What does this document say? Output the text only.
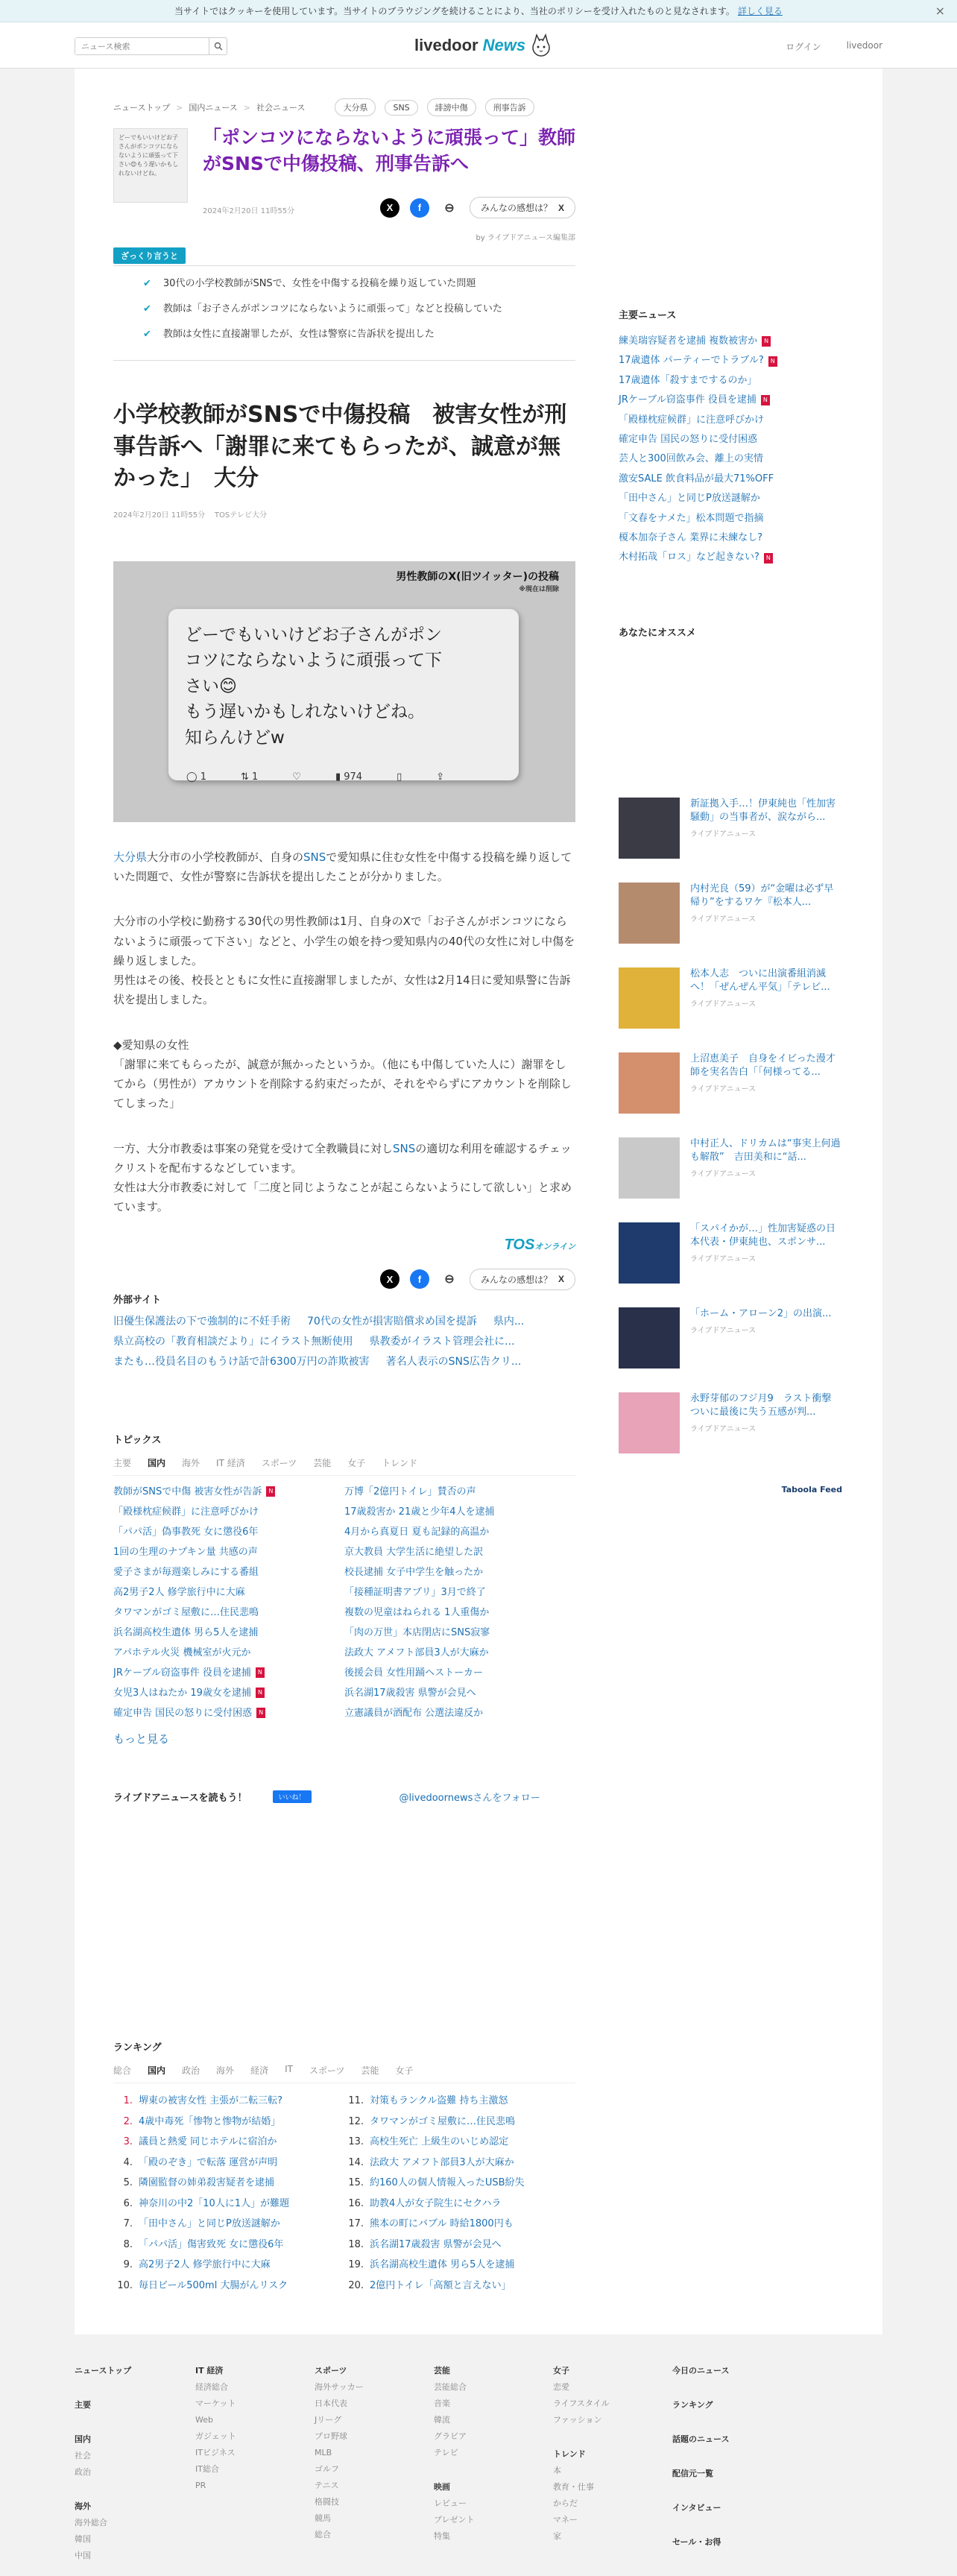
当サイトではクッキーを使用しています。当サイトのブラウジングを続けることにより、当社のポリシーを受け入れたものと見なされます。 詳しく見る	×
ニュース検索
livedoor News	ログイン	livedoor
ニューストップ > 国内ニュース > 社会ニュース	大分県	SNS	誹謗中傷	刑事告訴
どーでもいいけどお子さんがポンコツにならないように頑張って下さい😊もう遅いかもしれないけどね。
「ポンコツにならないように頑張って」教師がSNSで中傷投稿、刑事告訴へ
2024年2月20日 11時55分	X	f	⊖	みんなの感想は？ X
by ライブドアニュース編集部
ざっくり言うと
✔ 30代の小学校教師がSNSで、女性を中傷する投稿を繰り返していた問題
✔ 教師は「お子さんがポンコツにならないように頑張って」などと投稿していた
✔ 教師は女性に直接謝罪したが、女性は警察に告訴状を提出した
小学校教師がSNSで中傷投稿　被害女性が刑事告訴へ「謝罪に来てもらったが、誠意が無かった」　大分
2024年2月20日 11時55分 TOSテレビ大分
男性教師のX(旧ツイッター)の投稿
※現在は削除
どーでもいいけどお子さんがポン
コツにならないように頑張って下
さい😊
もう遅いかもしれないけどね。
知らんけどw
◯ 1	⇅ 1	♡	▮ 974	▯	⇪

大分県大分市の小学校教師が、自身のSNSで愛知県に住む女性を中傷する投稿を繰り返していた問題で、女性が警察に告訴状を提出したことが分かりました。

大分市の小学校に勤務する30代の男性教師は1月、自身のXで「お子さんがポンコツにならないように頑張って下さい」などと、小学生の娘を持つ愛知県内の40代の女性に対し中傷を繰り返しました。

男性はその後、校長とともに女性に直接謝罪しましたが、女性は2月14日に愛知県警に告訴状を提出しました。

◆愛知県の女性

「謝罪に来てもらったが、誠意が無かったというか。（他にも中傷していた人に）謝罪をしてから（男性が）アカウントを削除する約束だったが、それをやらずにアカウントを削除してしまった」

一方、大分市教委は事案の発覚を受けて全教職員に対しSNSの適切な利用を確認するチェックリストを配布するなどしています。

女性は大分市教委に対して「二度と同じようなことが起こらないようにして欲しい」と求めています。

TOSオンライン
X	f	⊖	みんなの感想は？ X
外部サイト
旧優生保護法の下で強制的に不妊手術 70代の女性が損害賠償求め国を提訴 県内...
県立高校の「教育相談だより」にイラスト無断使用 県教委がイラスト管理会社に...
またも…役員名目のもうけ話で計6300万円の詐欺被害 著名人表示のSNS広告クリ...
トピックス
主要 国内 海外 IT 経済 スポーツ 芸能 女子 トレンド
教師がSNSで中傷 被害女性が告訴	N	万博「2億円トイレ」賛否の声
「殿様枕症候群」に注意呼びかけ	17歳殺害か 21歳と少年4人を逮捕
「パパ活」偽事教死 女に懲役6年	4月から真夏日 夏も記録的高温か
1回の生理のナプキン量 共感の声	京大教員 大学生活に絶望した訳
愛子さまが毎週楽しみにする番組	校長逮捕 女子中学生を触ったか
高2男子2人 修学旅行中に大麻	「接種証明書アプリ」3月で終了
タワマンがゴミ屋敷に…住民悲鳴	複数の児童はねられる 1人重傷か
浜名湖高校生遺体 男ら5人を逮捕	「肉の万世」本店閉店にSNS寂寥
アパホテル火災 機械室が火元か	法政大 アメフト部員3人が大麻か
JRケーブル窃盗事件 役員を逮捕	N	後援会員 女性用踊ヘストーカー
女児3人はねたか 19歳女を逮捕	N	浜名湖17歳殺害 県警が会見へ
確定申告 国民の怒りに受付困惑	N	立憲議員が酒配布 公選法違反か
もっと見る
ライブドアニュースを読もう！	いいね！	@livedoornewsさんをフォロー
ランキング
総合 国内 政治 海外 経済 IT スポーツ 芸能 女子
1. 堺東の被害女性 主張が二転三転?	11. 対策もランクル盗難 持ち主激怒
2. 4歳中毒死「惨物と惨物が結婚」	12. タワマンがゴミ屋敷に…住民悲鳴
3. 議員と熱愛 同じホテルに宿泊か	13. 高校生死亡 上級生のいじめ認定
4. 「殿のぞき」で転落 運営が声明	14. 法政大 アメフト部員3人が大麻か
5. 隣園監督の姉弟殺害疑者を逮捕	15. 約160人の個人情報入ったUSB紛失
6. 神奈川の中2「10人に1人」が難題	16. 助教4人が女子院生にセクハラ
7. 「田中さん」と同じP放送謎解か	17. 熊本の町にバブル 時給1800円も
8. 「パパ活」傷害致死 女に懲役6年	18. 浜名湖17歳殺害 県警が会見へ
9. 高2男子2人 修学旅行中に大麻	19. 浜名湖高校生遺体 男ら5人を逮捕
10. 毎日ビール500ml 大腸がんリスク	20. 2億円トイレ「高額と言えない」
主要ニュース
練美瑞容疑者を逮捕 複数被害か	N
17歳遺体 パーティーでトラブル?	N
17歳遺体「殺すまでするのか」
JRケーブル窃盗事件 役員を逮捕	N
「殿様枕症候群」に注意呼びかけ
確定申告 国民の怒りに受付困惑
芸人と300回飲み会、離上の実情
激安SALE 飲食料品が最大71%OFF
「田中さん」と同じP放送謎解か
「文春をナメた」松本問題で指摘
榎本加奈子さん 業界に未練なし?
木村拓哉「ロス」など起きない?	N
あなたにオススメ
新証拠入手…！伊東純也「性加害騒動」の当事者が、涙ながら...
ライブドアニュース
内村光良（59）が“金曜は必ず早帰り”をするワケ『松本人...
ライブドアニュース
松本人志　ついに出演番組消滅へ！「ぜんぜん平気」「テレビ...
ライブドアニュース
上沼恵美子　自身をイビった漫才師を実名告白「「何様ってる...
ライブドアニュース
中村正人、ドリカムは“事実上何過も解散”　吉田美和に“話...
ライブドアニュース
「スパイかが…」性加害疑惑の日本代表・伊東純也、スポンサ...
ライブドアニュース
「ホーム・アローン2」の出演...
ライブドアニュース
永野芽郁のフジ月9　ラスト衝撃　ついに最後に失う五感が判...
ライブドアニュース
Taboola Feed
ニューストップ
主要
国内
社会
政治
海外
海外総合
韓国
中国
IT 経済
経済総合
マーケット
Web
ガジェット
ITビジネス
IT総合
PR
スポーツ
海外サッカー
日本代表
Jリーグ
プロ野球
MLB
ゴルフ
テニス
格闘技
競馬
総合
芸能
芸能総合
音楽
韓流
グラビア
テレビ
映画
レビュー
プレゼント
特集
女子
恋愛
ライフスタイル
ファッション
トレンド
本
教育・仕事
からだ
マネー
家
今日のニュース
ランキング
話題のニュース
配信元一覧
インタビュー
セール・お得
